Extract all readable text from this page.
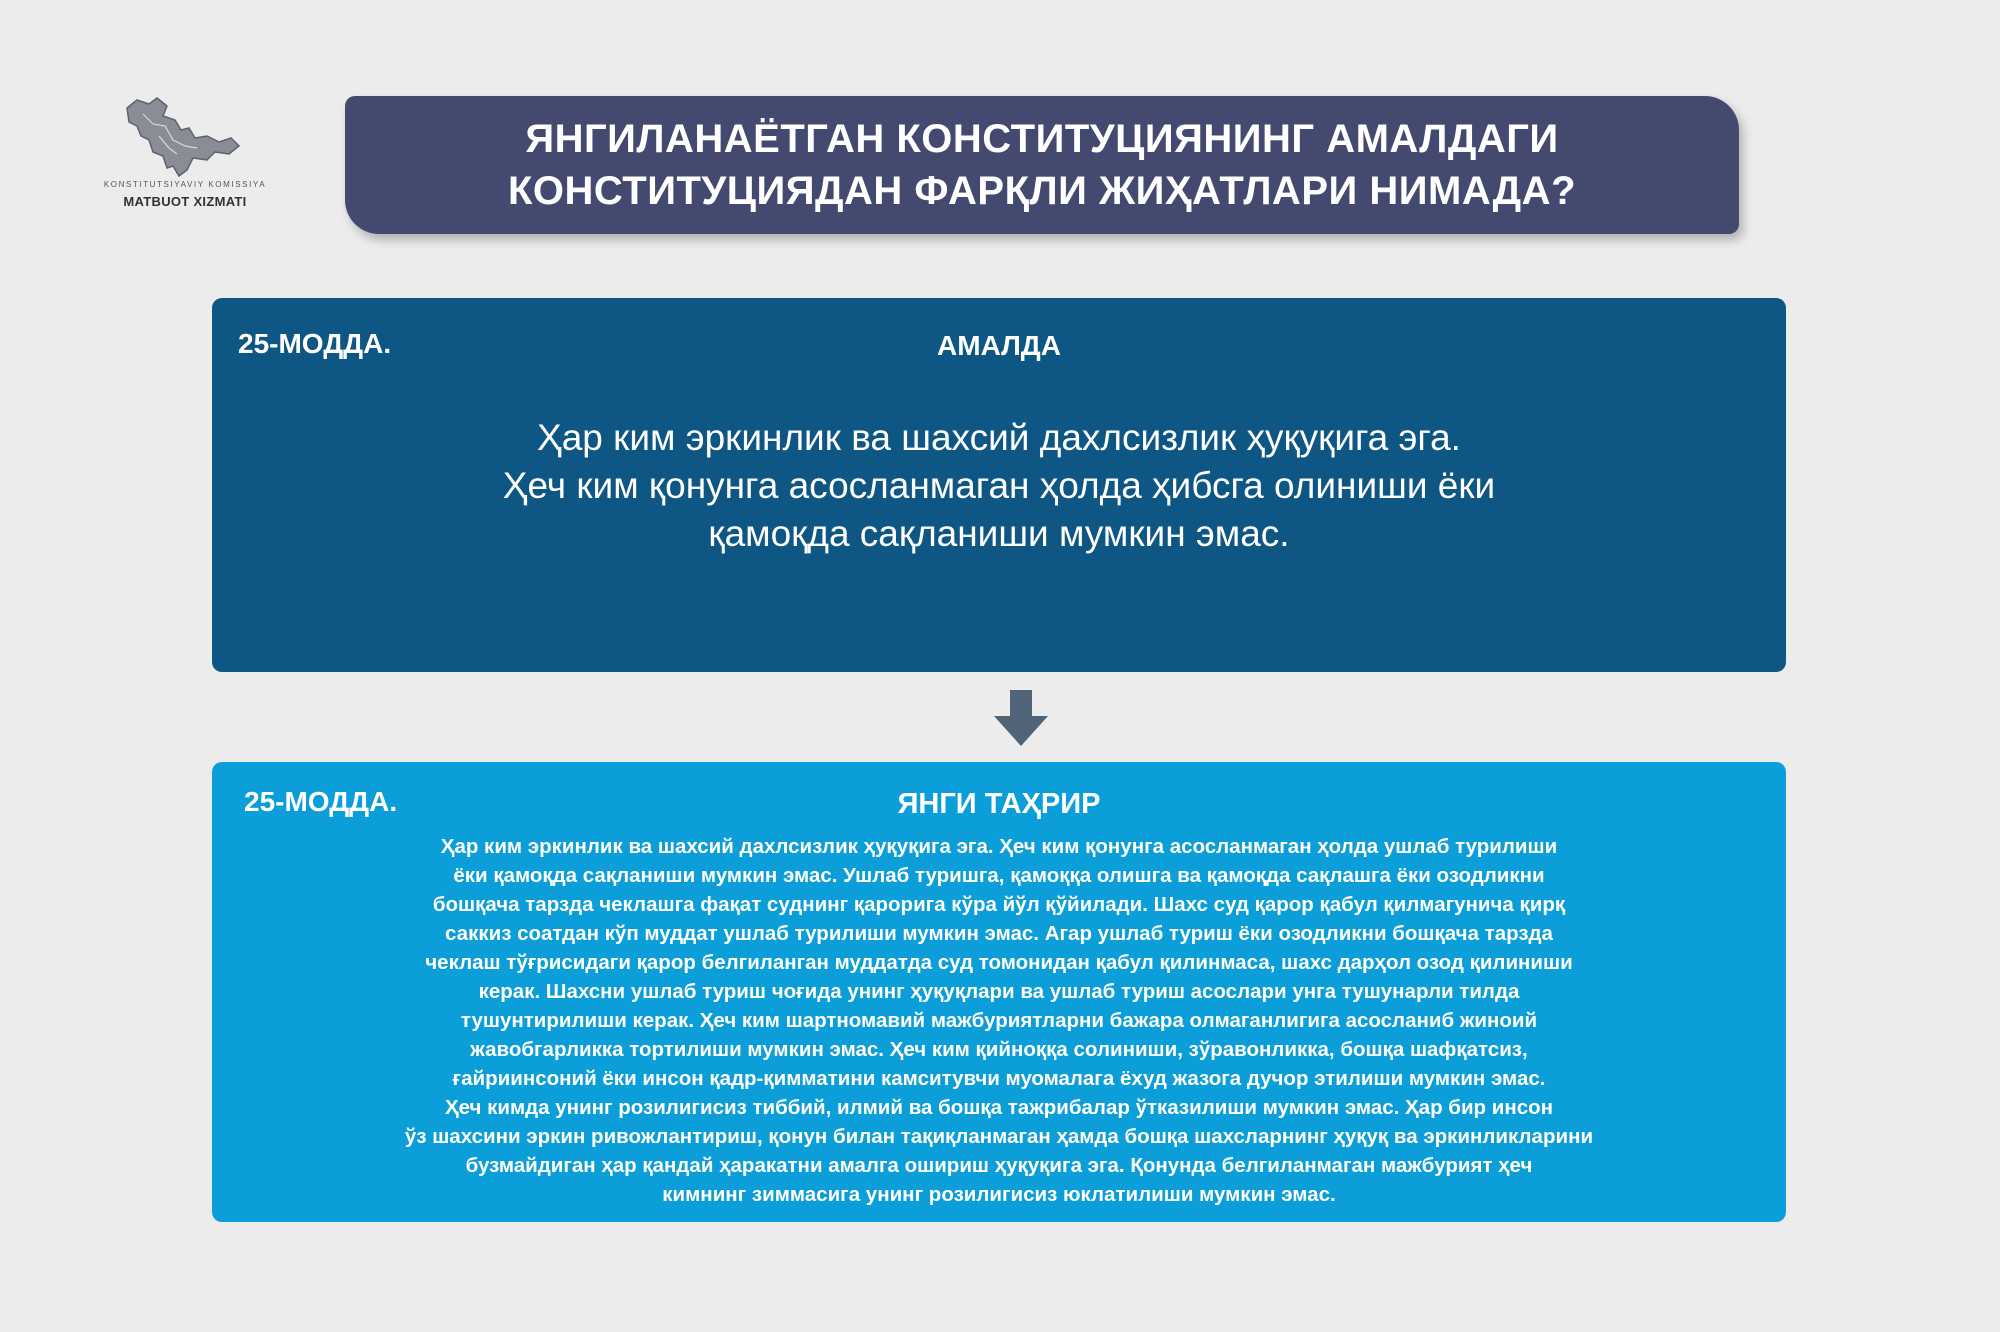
KONSTITUTSIYAVIY KOMISSIYA
MATBUOT XIZMATI
ЯНГИЛАНАЁТГАН КОНСТИТУЦИЯНИНГ АМАЛДАГИ
КОНСТИТУЦИЯДАН ФАРҚЛИ ЖИҲАТЛАРИ НИМАДА?

25-МОДДА.	АМАЛДА

Ҳар ким эркинлик ва шахсий дахлсизлик ҳуқуқига эга.
Ҳеч ким қонунга асосланмаган ҳолда ҳибсга олиниши ёки
қамоқда сақланиши мумкин эмас.

25-МОДДА.	ЯНГИ ТАҲРИР

Ҳар ким эркинлик ва шахсий дахлсизлик ҳуқуқига эга. Ҳеч ким қонунга асосланмаган ҳолда ушлаб турилиши
ёки қамоқда сақланиши мумкин эмас. Ушлаб туришга, қамоққа олишга ва қамоқда сақлашга ёки озодликни
бошқача тарзда чеклашга фақат суднинг қарорига кўра йўл қўйилади. Шахс суд қарор қабул қилмагунича қирқ
саккиз соатдан кўп муддат ушлаб турилиши мумкин эмас. Агар ушлаб туриш ёки озодликни бошқача тарзда
чеклаш тўғрисидаги қарор белгиланган муддатда суд томонидан қабул қилинмаса, шахс дарҳол озод қилиниши
керак. Шахсни ушлаб туриш чоғида унинг ҳуқуқлари ва ушлаб туриш асослари унга тушунарли тилда
тушунтирилиши керак. Ҳеч ким шартномавий мажбуриятларни бажара олмаганлигига асосланиб жиноий
жавобгарликка тортилиши мумкин эмас. Ҳеч ким қийноққа солиниши, зўравонликка, бошқа шафқатсиз,
ғайриинсоний ёки инсон қадр-қимматини камситувчи муомалага ёхуд жазога дучор этилиши мумкин эмас.
Ҳеч кимда унинг розилигисиз тиббий, илмий ва бошқа тажрибалар ўтказилиши мумкин эмас. Ҳар бир инсон
ўз шахсини эркин ривожлантириш, қонун билан тақиқланмаган ҳамда бошқа шахсларнинг ҳуқуқ ва эркинликларини
бузмайдиган ҳар қандай ҳаракатни амалга ошириш ҳуқуқига эга. Қонунда белгиланмаган мажбурият ҳеч
кимнинг зиммасига унинг розилигисиз юклатилиши мумкин эмас.
